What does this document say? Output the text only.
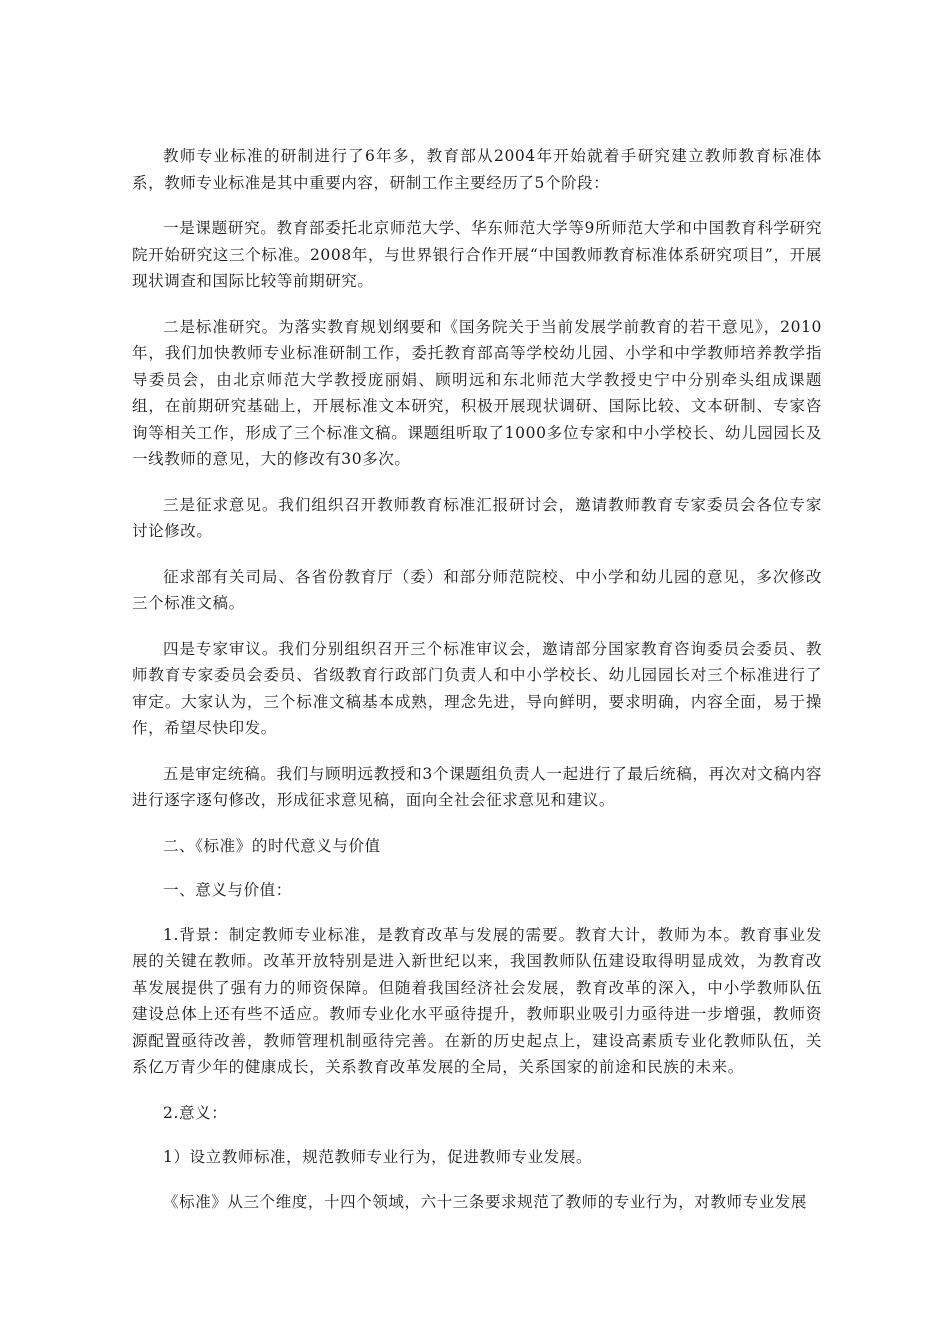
教师专业标准的研制进行了6年多，教育部从2004年开始就着手研究建立教师教育标准体系，教师专业标准是其中重要内容，研制工作主要经历了5个阶段：

一是课题研究。教育部委托北京师范大学、华东师范大学等9所师范大学和中国教育科学研究院开始研究这三个标准。2008年，与世界银行合作开展“中国教师教育标准体系研究项目”，开展现状调查和国际比较等前期研究。

二是标准研究。为落实教育规划纲要和《国务院关于当前发展学前教育的若干意见》，2010年，我们加快教师专业标准研制工作，委托教育部高等学校幼儿园、小学和中学教师培养教学指导委员会，由北京师范大学教授庞丽娟、顾明远和东北师范大学教授史宁中分别牵头组成课题组，在前期研究基础上，开展标准文本研究，积极开展现状调研、国际比较、文本研制、专家咨询等相关工作，形成了三个标准文稿。课题组听取了1000多位专家和中小学校长、幼儿园园长及一线教师的意见，大的修改有30多次。

三是征求意见。我们组织召开教师教育标准汇报研讨会，邀请教师教育专家委员会各位专家讨论修改。

征求部有关司局、各省份教育厅（委）和部分师范院校、中小学和幼儿园的意见，多次修改三个标准文稿。

四是专家审议。我们分别组织召开三个标准审议会，邀请部分国家教育咨询委员会委员、教师教育专家委员会委员、省级教育行政部门负责人和中小学校长、幼儿园园长对三个标准进行了审定。大家认为，三个标准文稿基本成熟，理念先进，导向鲜明，要求明确，内容全面，易于操作，希望尽快印发。

五是审定统稿。我们与顾明远教授和3个课题组负责人一起进行了最后统稿，再次对文稿内容进行逐字逐句修改，形成征求意见稿，面向全社会征求意见和建议。

二、《标准》的时代意义与价值

一、意义与价值：

1.背景：制定教师专业标准，是教育改革与发展的需要。教育大计，教师为本。教育事业发展的关键在教师。改革开放特别是进入新世纪以来，我国教师队伍建设取得明显成效，为教育改革发展提供了强有力的师资保障。但随着我国经济社会发展，教育改革的深入，中小学教师队伍建设总体上还有些不适应。教师专业化水平亟待提升，教师职业吸引力亟待进一步增强，教师资源配置亟待改善，教师管理机制亟待完善。在新的历史起点上，建设高素质专业化教师队伍，关系亿万青少年的健康成长，关系教育改革发展的全局，关系国家的前途和民族的未来。

2.意义：

1）设立教师标准，规范教师专业行为，促进教师专业发展。

《标准》从三个维度，十四个领域，六十三条要求规范了教师的专业行为，对教师专业发展
